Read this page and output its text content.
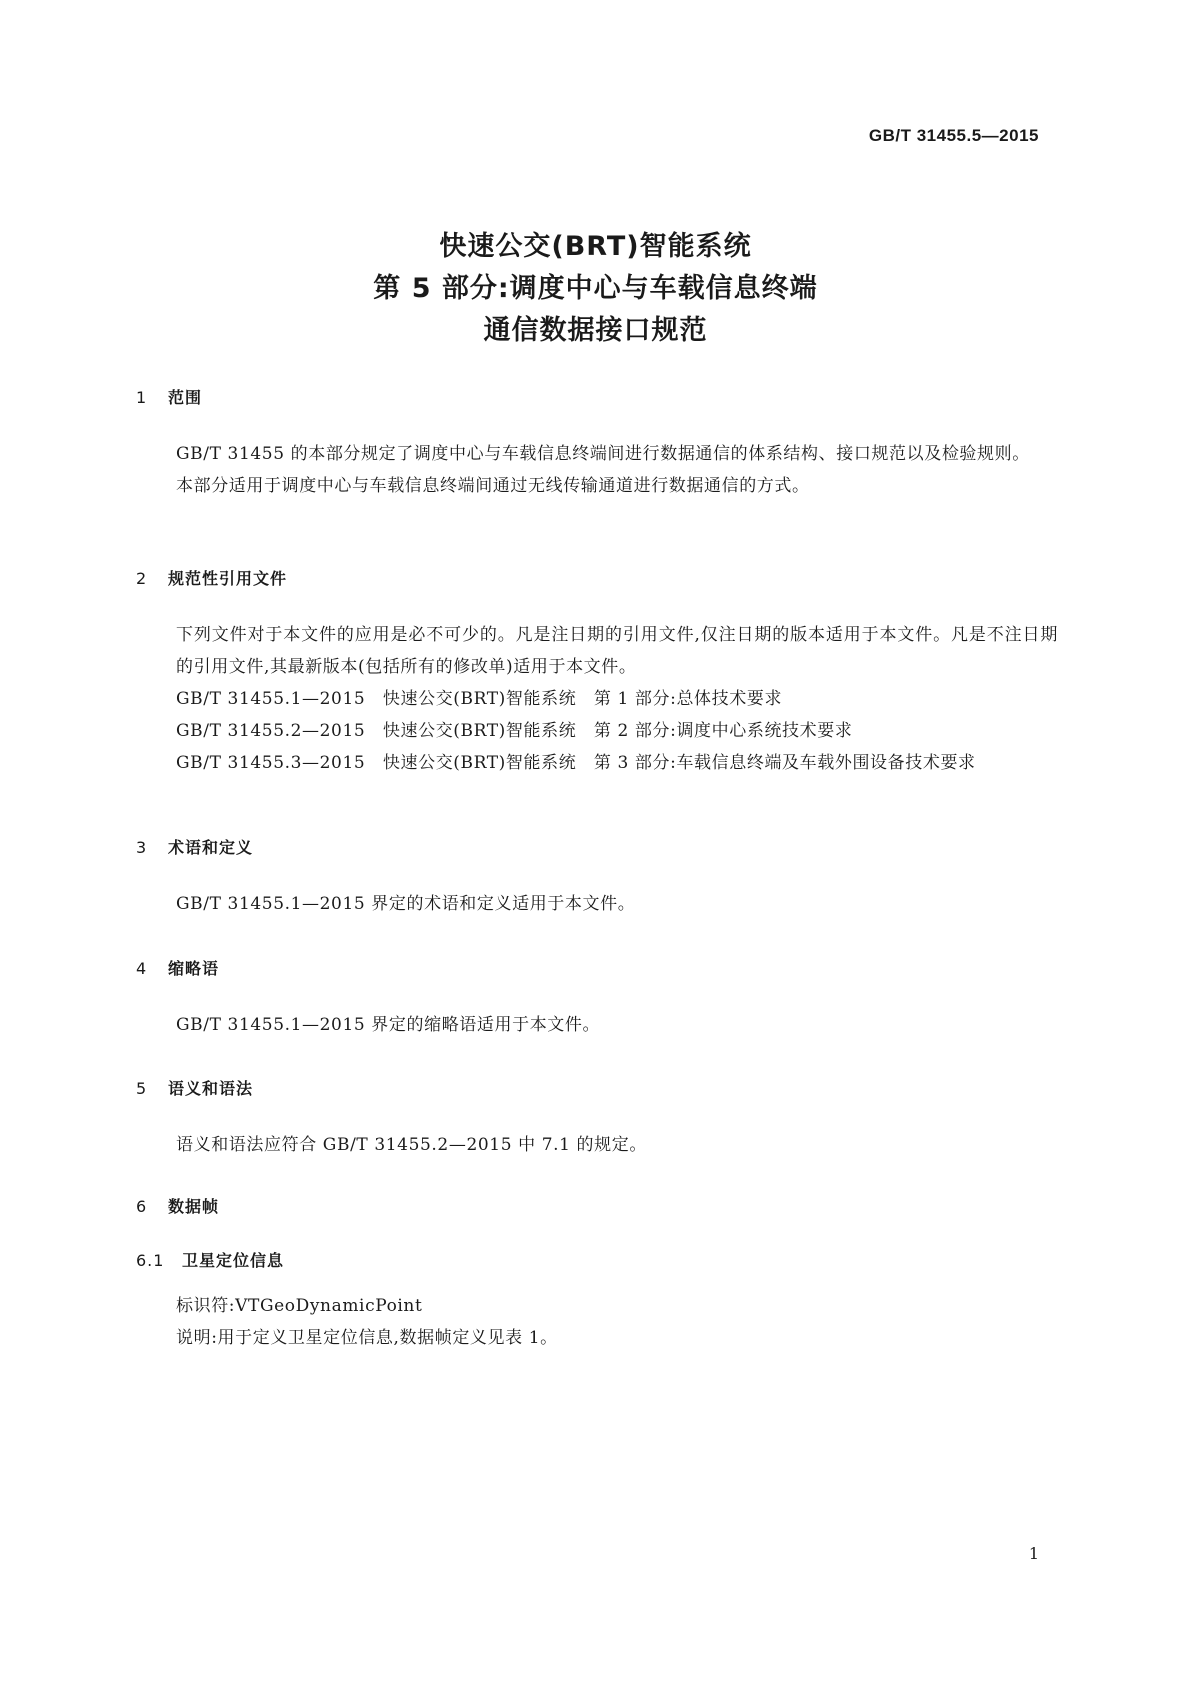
GB/T 31455.5—2015
快速公交(BRT)智能系统
第 5 部分:调度中心与车载信息终端
通信数据接口规范
1 范围
GB/T 31455 的本部分规定了调度中心与车载信息终端间进行数据通信的体系结构、接口规范以及检验规则。
本部分适用于调度中心与车载信息终端间通过无线传输通道进行数据通信的方式。
2 规范性引用文件
下列文件对于本文件的应用是必不可少的。凡是注日期的引用文件,仅注日期的版本适用于本文件。凡是不注日期的引用文件,其最新版本(包括所有的修改单)适用于本文件。
GB/T 31455.1—2015　快速公交(BRT)智能系统　第 1 部分:总体技术要求
GB/T 31455.2—2015　快速公交(BRT)智能系统　第 2 部分:调度中心系统技术要求
GB/T 31455.3—2015　快速公交(BRT)智能系统　第 3 部分:车载信息终端及车载外围设备技术要求
3 术语和定义
GB/T 31455.1—2015 界定的术语和定义适用于本文件。
4 缩略语
GB/T 31455.1—2015 界定的缩略语适用于本文件。
5 语义和语法
语义和语法应符合 GB/T 31455.2—2015 中 7.1 的规定。
6 数据帧
6.1 卫星定位信息
标识符:VTGeoDynamicPoint
说明:用于定义卫星定位信息,数据帧定义见表 1。
1
